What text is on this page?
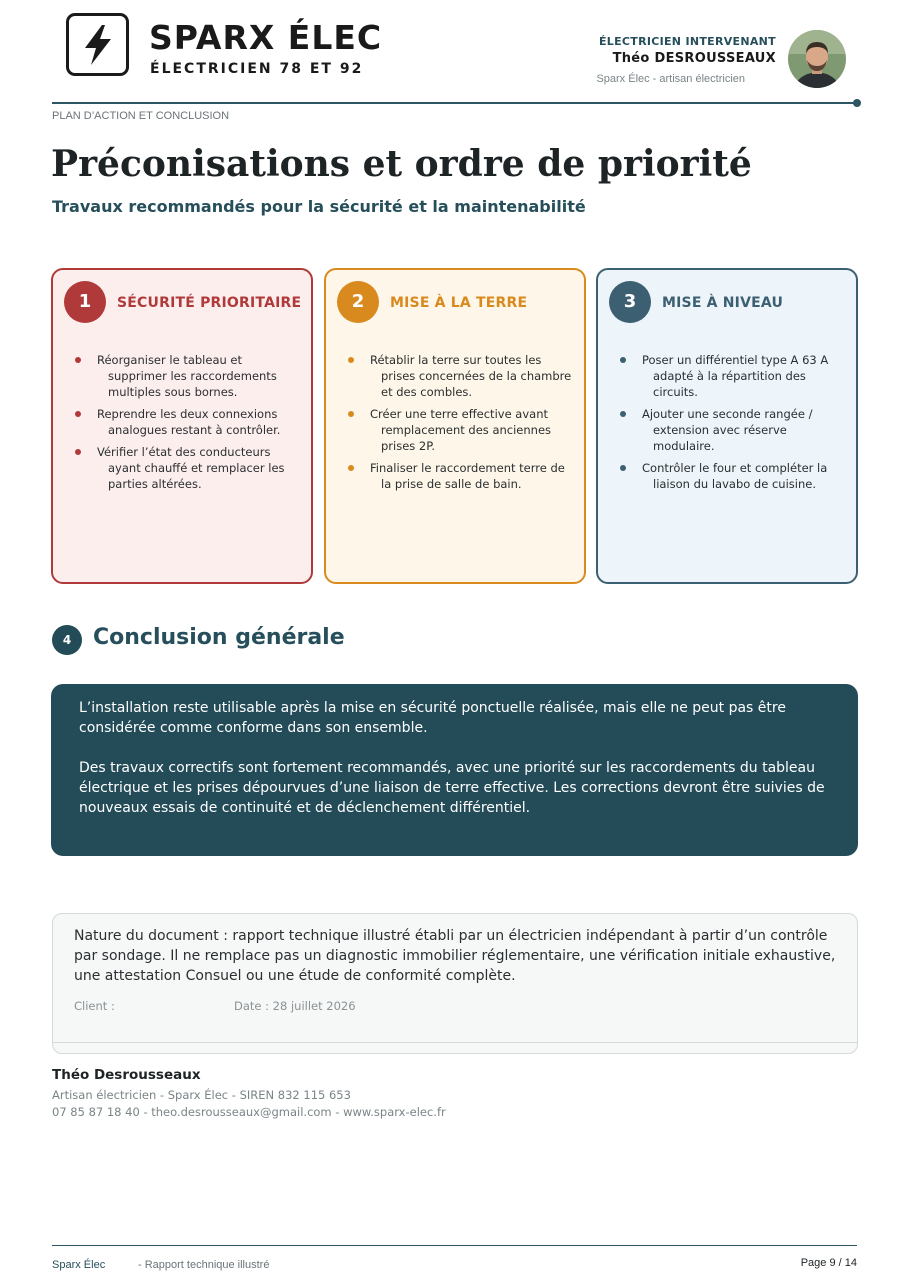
SPARX ÉLEC
ÉLECTRICIEN 78 ET 92
ÉLECTRICIEN INTERVENANT
Théo DESROUSSEAUX
Sparx Élec - artisan électricien
PLAN D’ACTION ET CONCLUSION
Préconisations et ordre de priorité
Travaux recommandés pour la sécurité et la maintenabilité
1	SÉCURITÉ PRIORITAIRE
Réorganiser le tableau et supprimer les raccordements multiples sous bornes.
Reprendre les deux connexions analogues restant à contrôler.
Vérifier l’état des conducteurs ayant chauffé et remplacer les parties altérées.
2	MISE À LA TERRE
Rétablir la terre sur toutes les prises concernées de la chambre et des combles.
Créer une terre effective avant remplacement des anciennes prises 2P.
Finaliser le raccordement terre de la prise de salle de bain.
3	MISE À NIVEAU
Poser un différentiel type A 63 A adapté à la répartition des circuits.
Ajouter une seconde rangée / extension avec réserve modulaire.
Contrôler le four et compléter la liaison du lavabo de cuisine.
4 Conclusion générale

L’installation reste utilisable après la mise en sécurité ponctuelle réalisée, mais elle ne peut pas être considérée comme conforme dans son ensemble.

Des travaux correctifs sont fortement recommandés, avec une priorité sur les raccordements du tableau électrique et les prises dépourvues d’une liaison de terre effective. Les corrections devront être suivies de nouveaux essais de continuité et de déclenchement différentiel.

Nature du document : rapport technique illustré établi par un électricien indépendant à partir d’un contrôle par sondage. Il ne remplace pas un diagnostic immobilier réglementaire, une vérification initiale exhaustive, une attestation Consuel ou une étude de conformité complète.
Client :	Date : 28 juillet 2026
Théo Desrousseaux
Artisan électricien - Sparx Élec - SIREN 832 115 653
07 85 87 18 40 - theo.desrousseaux@gmail.com - www.sparx-elec.fr
Sparx Élec	- Rapport technique illustré	Page 9 / 14
